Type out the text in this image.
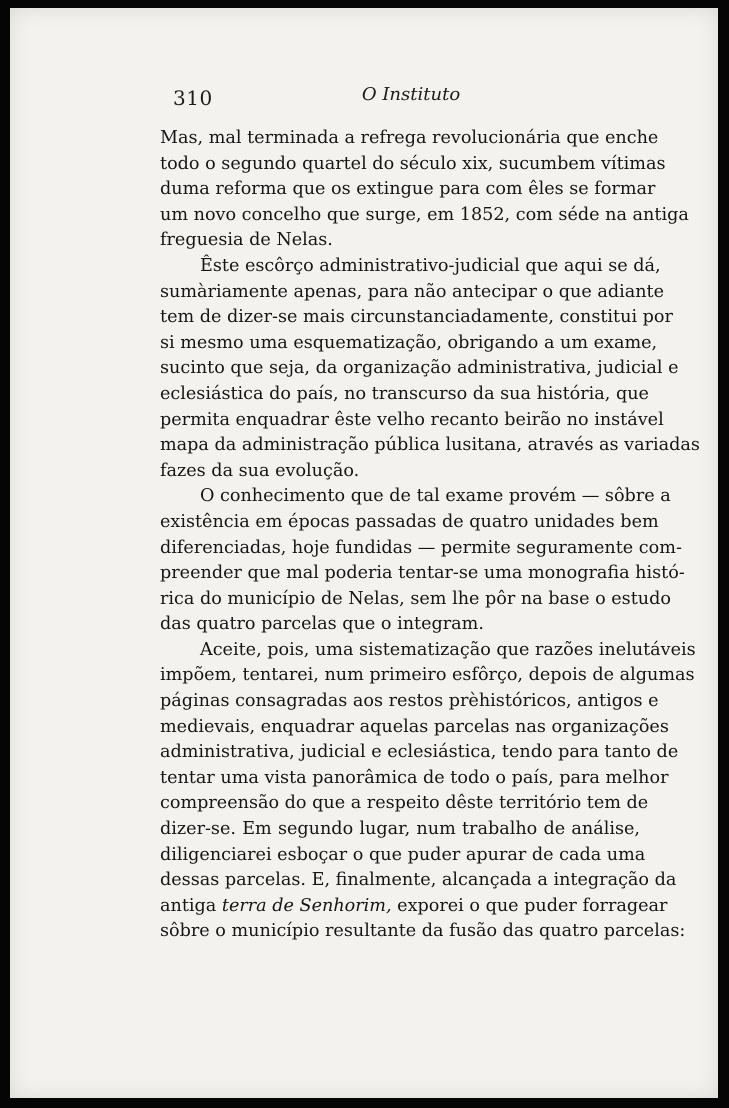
310	O Instituto

Mas, mal terminada a refrega revolucionária que enche
todo o segundo quartel do século xix, sucumbem vítimas
duma reforma que os extingue para com êles se formar
um novo concelho que surge, em 1852, com séde na antiga
freguesia de Nelas.

Êste escôrço administrativo-judicial que aqui se dá,
sumàriamente apenas, para não antecipar o que adiante
tem de dizer-se mais circunstanciadamente, constitui por
si mesmo uma esquematização, obrigando a um exame,
sucinto que seja, da organização administrativa, judicial e
eclesiástica do país, no transcurso da sua história, que
permita enquadrar êste velho recanto beirão no instável
mapa da administração pública lusitana, através as variadas
fazes da sua evolução.

O conhecimento que de tal exame provém — sôbre a
existência em épocas passadas de quatro unidades bem
diferenciadas, hoje fundidas — permite seguramente com-
preender que mal poderia tentar-se uma monografia histó-
rica do município de Nelas, sem lhe pôr na base o estudo
das quatro parcelas que o integram.

Aceite, pois, uma sistematização que razões inelutáveis
impõem, tentarei, num primeiro esfôrço, depois de algumas
páginas consagradas aos restos prèhistóricos, antigos e
medievais, enquadrar aquelas parcelas nas organizações
administrativa, judicial e eclesiástica, tendo para tanto de
tentar uma vista panorâmica de todo o país, para melhor
compreensão do que a respeito dêste território tem de
dizer-se. Em segundo lugar, num trabalho de análise,
diligenciarei esboçar o que puder apurar de cada uma
dessas parcelas. E, finalmente, alcançada a integração da
antiga terra de Senhorim, exporei o que puder forragear
sôbre o município resultante da fusão das quatro parcelas:
